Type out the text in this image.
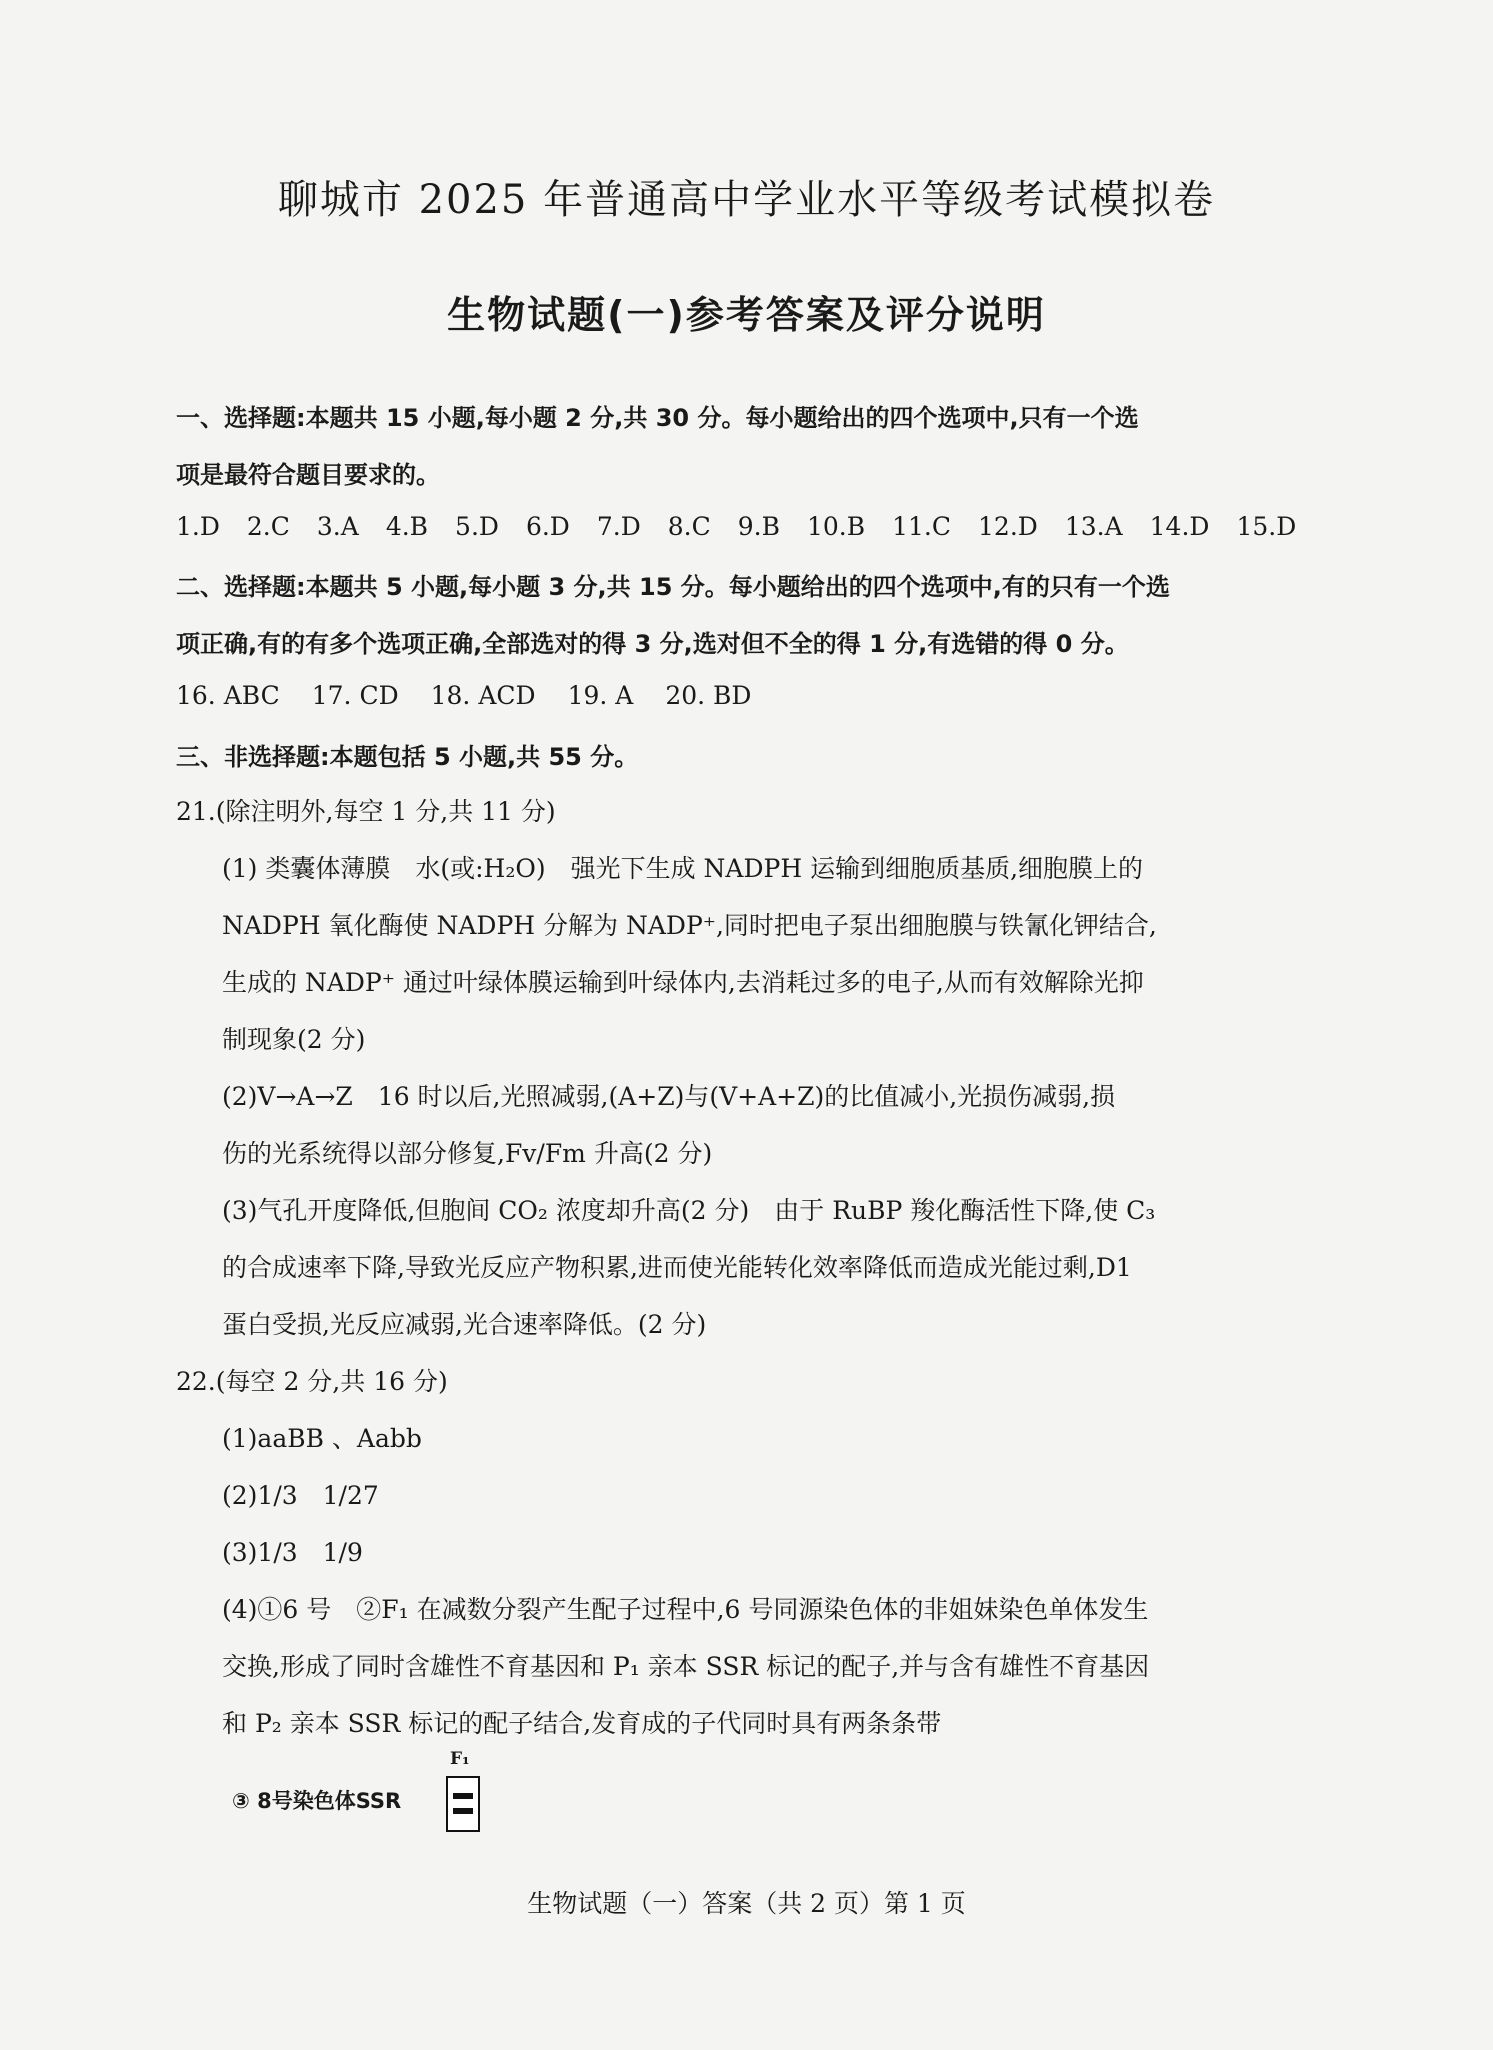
聊城市 2025 年普通高中学业水平等级考试模拟卷
生物试题(一)参考答案及评分说明
一、选择题:本题共 15 小题,每小题 2 分,共 30 分。每小题给出的四个选项中,只有一个选
项是最符合题目要求的。
1.D 2.C 3.A 4.B 5.D 6.D 7.D 8.C 9.B 10.B 11.C 12.D 13.A 14.D 15.D
二、选择题:本题共 5 小题,每小题 3 分,共 15 分。每小题给出的四个选项中,有的只有一个选
项正确,有的有多个选项正确,全部选对的得 3 分,选对但不全的得 1 分,有选错的得 0 分。
16. ABC 17. CD 18. ACD 19. A 20. BD
三、非选择题:本题包括 5 小题,共 55 分。
21.(除注明外,每空 1 分,共 11 分)
(1) 类囊体薄膜　水(或:H₂O)　强光下生成 NADPH 运输到细胞质基质,细胞膜上的
NADPH 氧化酶使 NADPH 分解为 NADP⁺,同时把电子泵出细胞膜与铁氰化钾结合,
生成的 NADP⁺ 通过叶绿体膜运输到叶绿体内,去消耗过多的电子,从而有效解除光抑
制现象(2 分)
(2)V→A→Z　16 时以后,光照减弱,(A+Z)与(V+A+Z)的比值减小,光损伤减弱,损
伤的光系统得以部分修复,Fv/Fm 升高(2 分)
(3)气孔开度降低,但胞间 CO₂ 浓度却升高(2 分)　由于 RuBP 羧化酶活性下降,使 C₃
的合成速率下降,导致光反应产物积累,进而使光能转化效率降低而造成光能过剩,D1
蛋白受损,光反应减弱,光合速率降低。(2 分)
22.(每空 2 分,共 16 分)
(1)aaBB 、Aabb
(2)1/3　1/27
(3)1/3　1/9
(4)①6 号　②F₁ 在减数分裂产生配子过程中,6 号同源染色体的非姐妹染色单体发生
交换,形成了同时含雄性不育基因和 P₁ 亲本 SSR 标记的配子,并与含有雄性不育基因
和 P₂ 亲本 SSR 标记的配子结合,发育成的子代同时具有两条条带
③ 8号染色体SSR
F₁
生物试题（一）答案（共 2 页）第 1 页
